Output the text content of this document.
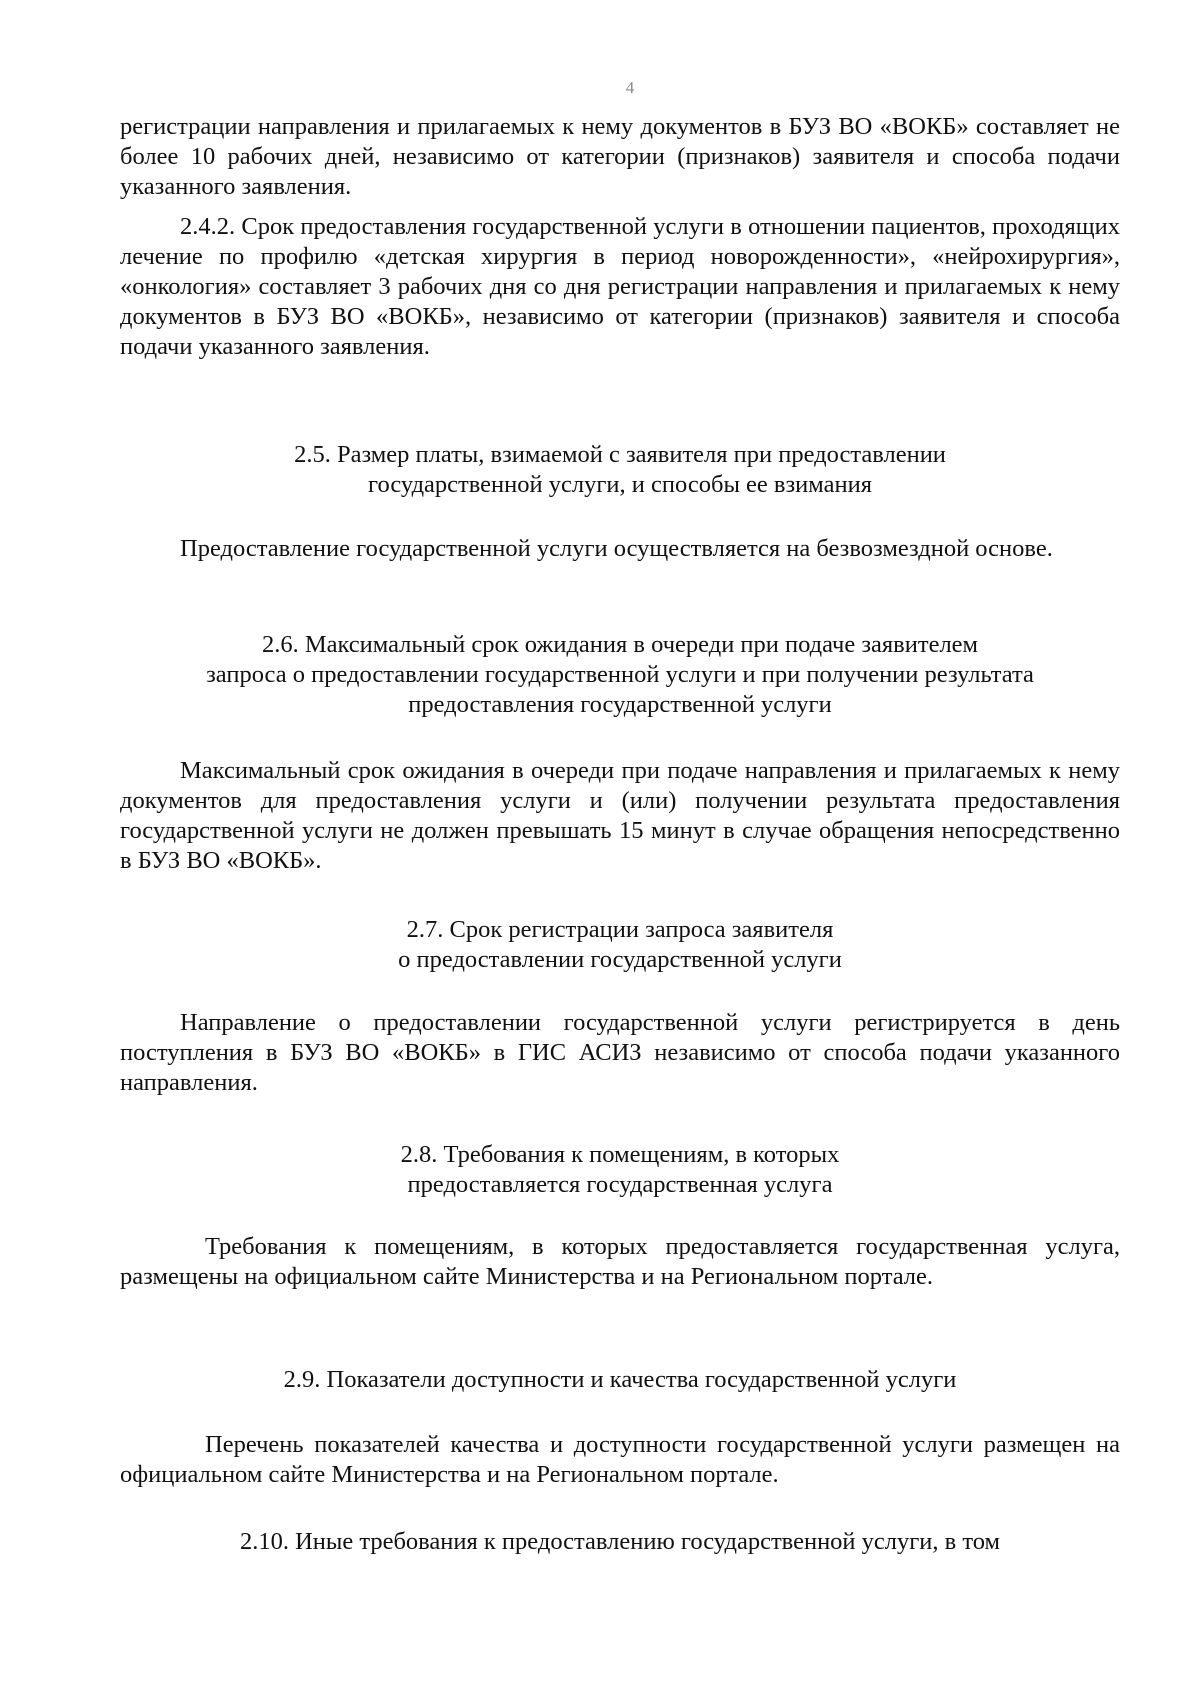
4

регистрации направления и прилагаемых к нему документов в БУЗ ВО «ВОКБ» составляет не более 10 рабочих дней, независимо от категории (признаков) заявителя и способа подачи указанного заявления.

2.4.2. Срок предоставления государственной услуги в отношении пациентов, проходящих лечение по профилю «детская хирургия в период новорожденности», «нейрохирургия», «онкология» составляет 3 рабочих дня со дня регистрации направления и прилагаемых к нему документов в БУЗ ВО «ВОКБ», независимо от категории (признаков) заявителя и способа подачи указанного заявления.

2.5. Размер платы, взимаемой с заявителя при предоставлении
государственной услуги, и способы ее взимания

Предоставление государственной услуги осуществляется на безвозмездной основе.

2.6. Максимальный срок ожидания в очереди при подаче заявителем
запроса о предоставлении государственной услуги и при получении результата
предоставления государственной услуги

Максимальный срок ожидания в очереди при подаче направления и прилагаемых к нему документов для предоставления услуги и (или) получении результата предоставления государственной услуги не должен превышать 15 минут в случае обращения непосредственно в БУЗ ВО «ВОКБ».

2.7. Срок регистрации запроса заявителя
о предоставлении государственной услуги

Направление о предоставлении государственной услуги регистрируется в день поступления в БУЗ ВО «ВОКБ» в ГИС АСИЗ независимо от способа подачи указанного направления.

2.8. Требования к помещениям, в которых
предоставляется государственная услуга

Требования к помещениям, в которых предоставляется государственная услуга, размещены на официальном сайте Министерства и на Региональном портале.

2.9. Показатели доступности и качества государственной услуги

Перечень показателей качества и доступности государственной услуги размещен на официальном сайте Министерства и на Региональном портале.

2.10. Иные требования к предоставлению государственной услуги, в том
